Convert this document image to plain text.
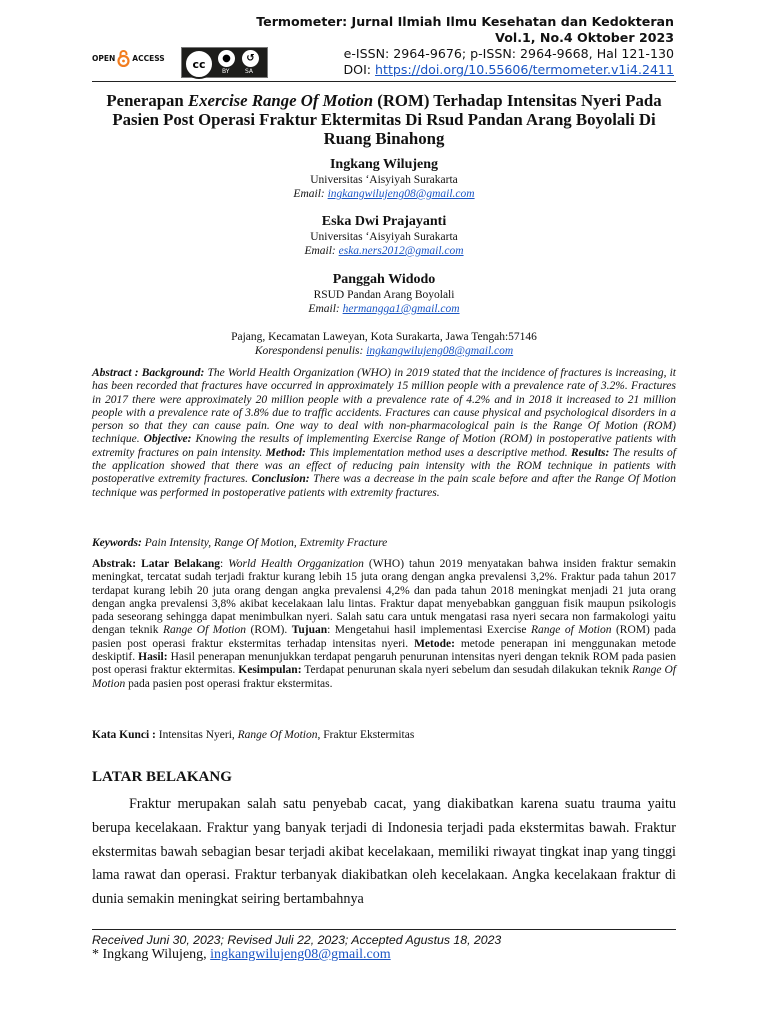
Termometer: Jurnal Ilmiah Ilmu Kesehatan dan Kedokteran
Vol.1, No.4 Oktober 2023
e-ISSN: 2964-9676; p-ISSN: 2964-9668, Hal 121-130
DOI: https://doi.org/10.55606/termometer.v1i4.2411
OPEN ACCESS	cc	●	↺
BY	SA
Penerapan Exercise Range Of Motion (ROM) Terhadap Intensitas Nyeri Pada Pasien Post Operasi Fraktur Ektermitas Di Rsud Pandan Arang Boyolali Di Ruang Binahong
Ingkang Wilujeng
Universitas ‘Aisyiyah Surakarta
Email: ingkangwilujeng08@gmail.com
Eska Dwi Prajayanti
Universitas ‘Aisyiyah Surakarta
Email: eska.ners2012@gmail.com
Panggah Widodo
RSUD Pandan Arang Boyolali
Email: hermangga1@gmail.com
Pajang, Kecamatan Laweyan, Kota Surakarta, Jawa Tengah:57146
Korespondensi penulis: ingkangwilujeng08@gmail.com
Abstract : Background: The World Health Organization (WHO) in 2019 stated that the incidence of fractures is increasing, it has been recorded that fractures have occurred in approximately 15 million people with a prevalence rate of 3.2%. Fractures in 2017 there were approximately 20 million people with a prevalence rate of 4.2% and in 2018 it increased to 21 million people with a prevalence rate of 3.8% due to traffic accidents. Fractures can cause physical and psychological disorders in a person so that they can cause pain. One way to deal with non-pharmacological pain is the Range Of Motion (ROM) technique. Objective: Knowing the results of implementing Exercise Range of Motion (ROM) in postoperative patients with extremity fractures on pain intensity. Method: This implementation method uses a descriptive method. Results: The results of the application showed that there was an effect of reducing pain intensity with the ROM technique in patients with postoperative extremity fractures. Conclusion: There was a decrease in the pain scale before and after the Range Of Motion technique was performed in postoperative patients with extremity fractures.
Keywords: Pain Intensity, Range Of Motion, Extremity Fracture
Abstrak: Latar Belakang: World Health Orgganization (WHO) tahun 2019 menyatakan bahwa insiden fraktur semakin meningkat, tercatat sudah terjadi fraktur kurang lebih 15 juta orang dengan angka prevalensi 3,2%. Fraktur pada tahun 2017 terdapat kurang lebih 20 juta orang dengan angka prevalensi 4,2% dan pada tahun 2018 meningkat menjadi 21 juta orang dengan angka prevalensi 3,8% akibat kecelakaan lalu lintas. Fraktur dapat menyebabkan gangguan fisik maupun psikologis pada seseorang sehingga dapat menimbulkan nyeri. Salah satu cara untuk mengatasi rasa nyeri secara non farmakologi yaitu dengan teknik Range Of Motion (ROM). Tujuan: Mengetahui hasil implementasi Exercise Range of Motion (ROM) pada pasien post operasi fraktur ekstermitas terhadap intensitas nyeri. Metode: metode penerapan ini menggunakan metode deskiptif. Hasil: Hasil penerapan menunjukkan terdapat pengaruh penurunan intensitas nyeri dengan teknik ROM pada pasien post operasi fraktur ektermitas. Kesimpulan: Terdapat penurunan skala nyeri sebelum dan sesudah dilakukan teknik Range Of Motion pada pasien post operasi fraktur ekstermitas.
Kata Kunci : Intensitas Nyeri, Range Of Motion, Fraktur Ekstermitas
LATAR BELAKANG
Fraktur merupakan salah satu penyebab cacat, yang diakibatkan karena suatu trauma yaitu berupa kecelakaan. Fraktur yang banyak terjadi di Indonesia terjadi pada ekstermitas bawah. Fraktur ekstermitas bawah sebagian besar terjadi akibat kecelakaan, memiliki riwayat tingkat inap yang tinggi lama rawat dan operasi. Fraktur terbanyak diakibatkan oleh kecelakaan. Angka kecelakaan fraktur di dunia semakin meningkat seiring bertambahnya
Received Juni 30, 2023; Revised Juli 22, 2023; Accepted Agustus 18, 2023
* Ingkang Wilujeng, ingkangwilujeng08@gmail.com
